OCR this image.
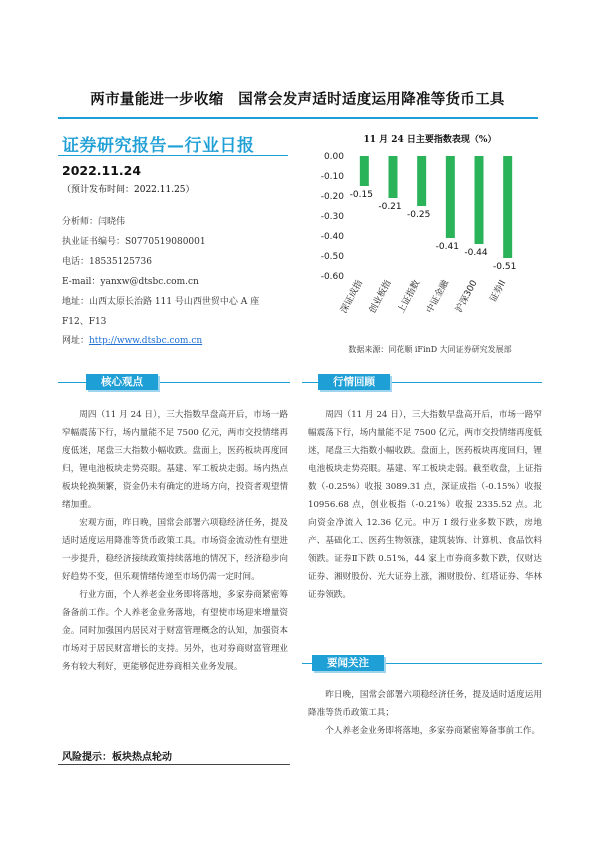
两市量能进一步收缩　国常会发声适时适度运用降准等货币工具
证券研究报告—行业日报
2022.11.24
（预计发布时间：2022.11.25）
分析师：闫晓伟
执业证书编号：S0770519080001
电话：18535125736
E-mail：yanxw@dtsbc.com.cn
地址：山西太原长治路 111 号山西世贸中心 A 座
F12、F13
网址：http://www.dtsbc.com.cn
11 月 24 日主要指数表现（%）
0.00
-0.10
-0.20
-0.30
-0.40
-0.50
-0.60
-0.15
深证成指
-0.21
创业板指
-0.25
上证指数
-0.41
中证金融
-0.44
沪深300
-0.51
证券II
数据来源：同花顺 iFinD 大同证券研究发展部
核心观点

周四（11 月 24 日），三大指数早盘高开后，市场一路窄幅震荡下行，场内量能不足 7500 亿元，两市交投情绪再度低迷，尾盘三大指数小幅收跌。盘面上，医药板块再度回归，锂电池板块走势亮眼。基建、军工板块走弱。场内热点板块轮换频繁，资金仍未有确定的进场方向，投资者观望情绪加重。

宏观方面，昨日晚，国常会部署六项稳经济任务，提及适时适度运用降准等货币政策工具。市场资金流动性有望进一步提升，稳经济接续政策持续落地的情况下，经济稳步向好趋势不变，但乐观情绪传递至市场仍需一定时间。

行业方面，个人养老金业务即将落地，多家券商紧密筹备备前工作。个人养老金业务落地，有望使市场迎来增量资金。同时加强国内居民对于财富管理概念的认知，加强资本市场对于居民财富增长的支持。另外，也对券商财富管理业务有较大利好，更能够促进券商相关业务发展。

风险提示：板块热点轮动
行情回顾

周四（11 月 24 日），三大指数早盘高开后，市场一路窄幅震荡下行，场内量能不足 7500 亿元，两市交投情绪再度低迷，尾盘三大指数小幅收跌。盘面上，医药板块再度回归，锂电池板块走势亮眼。基建、军工板块走弱。截至收盘，上证指数（-0.25%）收报 3089.31 点，深证成指（-0.15%）收报 10956.68 点，创业板指（-0.21%）收报 2335.52 点。北向资金净流入 12.36 亿元。申万 I 级行业多数下跌，房地产、基础化工、医药生物领涨，建筑装饰、计算机、食品饮料领跌。证券Ⅱ下跌 0.51%，44 家上市券商多数下跌，仅财达证券、湘财股份、光大证券上涨，湘财股份、红塔证券、华林证券领跌。

要闻关注

昨日晚，国常会部署六项稳经济任务，提及适时适度运用降准等货币政策工具；

个人养老金业务即将落地，多家券商紧密筹备事前工作。
